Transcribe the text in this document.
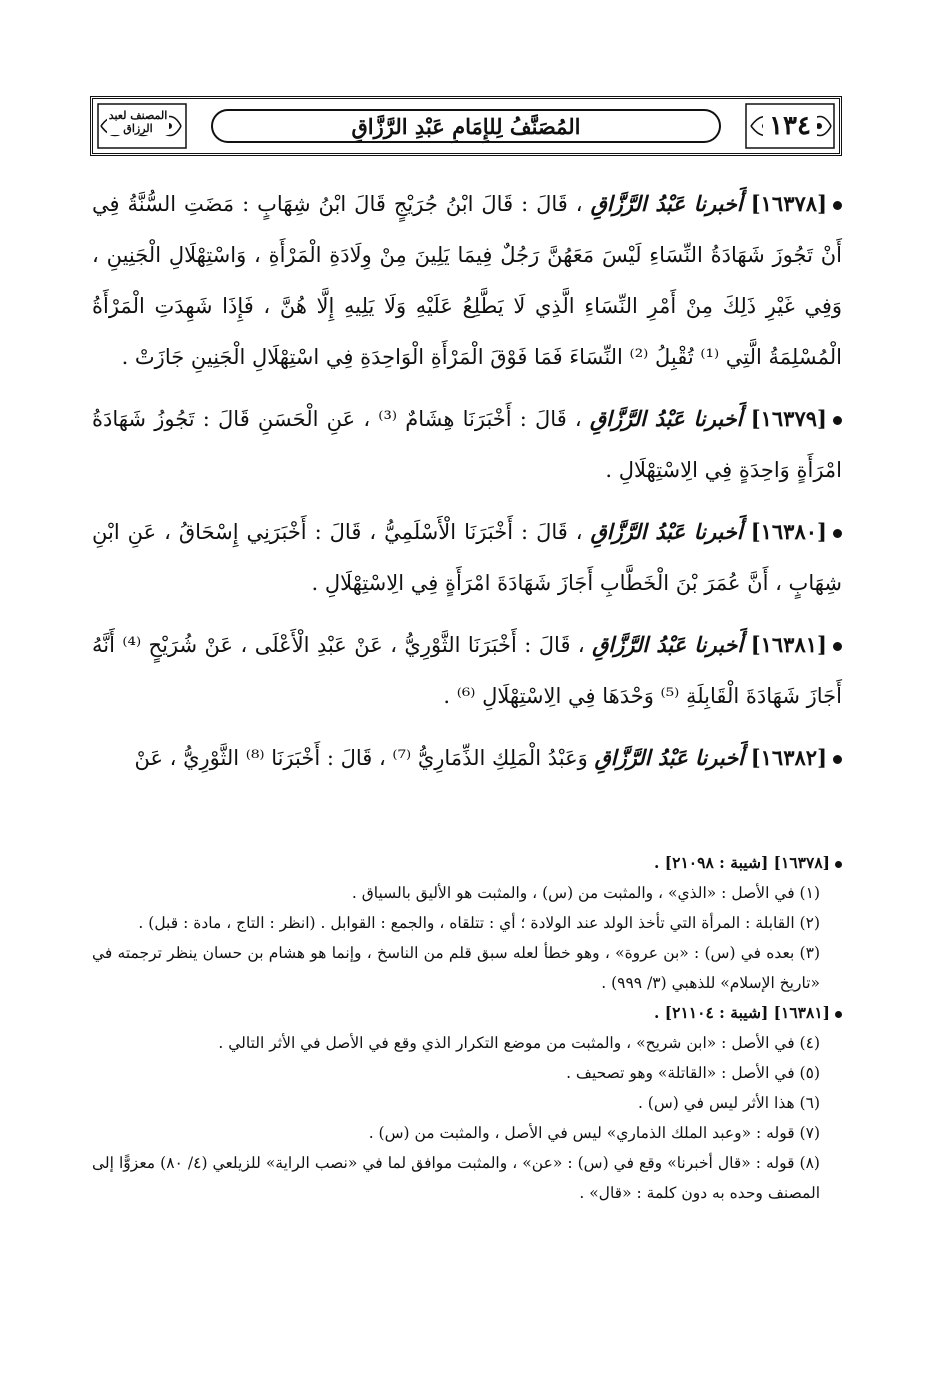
١٣٤
المُصَنَّفُ لِلإِمَامِ عَبْدِ الرَّزَّاقِ
المصنف لعبد الرزاق

[١٦٣٧٨] أَخبرنا عَبْدُ الرَّزَّاقِ ، قَالَ : قَالَ ابْنُ جُرَيْجٍ قَالَ ابْنُ شِهَابٍ : مَضَتِ السُّنَّةُ فِي أَنْ تَجُوزَ شَهَادَةُ النِّسَاءِ لَيْسَ مَعَهُنَّ رَجُلٌ فِيمَا يَلِينَ مِنْ وِلَادَةِ الْمَرْأَةِ ، وَاسْتِهْلَالِ الْجَنِينِ ، وَفِي غَيْرِ ذَلِكَ مِنْ أَمْرِ النِّسَاءِ الَّذِي لَا يَطَّلِعُ عَلَيْهِ وَلَا يَلِيهِ إِلَّا هُنَّ ، فَإِذَا شَهِدَتِ الْمَرْأَةُ الْمُسْلِمَةُ الَّتِي ⁽¹⁾ تُقْبِلُ ⁽²⁾ النِّسَاءَ فَمَا فَوْقَ الْمَرْأَةِ الْوَاحِدَةِ فِي اسْتِهْلَالِ الْجَنِينِ جَازَتْ .

[١٦٣٧٩] أَخبرنا عَبْدُ الرَّزَّاقِ ، قَالَ : أَخْبَرَنَا هِشَامٌ ⁽³⁾ ، عَنِ الْحَسَنِ قَالَ : تَجُوزُ شَهَادَةُ امْرَأَةٍ وَاحِدَةٍ فِي الِاسْتِهْلَالِ .

[١٦٣٨٠] أَخبرنا عَبْدُ الرَّزَّاقِ ، قَالَ : أَخْبَرَنَا الْأَسْلَمِيُّ ، قَالَ : أَخْبَرَنِي إِسْحَاقُ ، عَنِ ابْنِ شِهَابٍ ، أَنَّ عُمَرَ بْنَ الْخَطَّابِ أَجَازَ شَهَادَةَ امْرَأَةٍ فِي الِاسْتِهْلَالِ .

[١٦٣٨١] أَخبرنا عَبْدُ الرَّزَّاقِ ، قَالَ : أَخْبَرَنَا الثَّوْرِيُّ ، عَنْ عَبْدِ الْأَعْلَى ، عَنْ شُرَيْحٍ ⁽⁴⁾ أَنَّهُ أَجَازَ شَهَادَةَ الْقَابِلَةِ ⁽⁵⁾ وَحْدَهَا فِي الِاسْتِهْلَالِ ⁽⁶⁾ .

[١٦٣٨٢] أَخبرنا عَبْدُ الرَّزَّاقِ وَعَبْدُ الْمَلِكِ الذِّمَارِيُّ ⁽⁷⁾ ، قَالَ : أَخْبَرَنَا ⁽⁸⁾ الثَّوْرِيُّ ، عَنْ

[١٦٣٧٨] [شيبة : ٢١٠٩٨] .

(١) في الأصل : «الذي» ، والمثبت من (س) ، والمثبت هو الأليق بالسياق .

(٢) القابلة : المرأة التي تأخذ الولد عند الولادة ؛ أي : تتلقاه ، والجمع : القوابل . (انظر : التاج ، مادة : قبل) .

(٣) بعده في (س) : «بن عروة» ، وهو خطأ لعله سبق قلم من الناسخ ، وإنما هو هشام بن حسان ينظر ترجمته في «تاريخ الإسلام» للذهبي (٣/ ٩٩٩) .

[١٦٣٨١] [شيبة : ٢١١٠٤] .

(٤) في الأصل : «ابن شريح» ، والمثبت من موضع التكرار الذي وقع في الأصل في الأثر التالي .

(٥) في الأصل : «القاتلة» وهو تصحيف .

(٦) هذا الأثر ليس في (س) .

(٧) قوله : «وعبد الملك الذماري» ليس في الأصل ، والمثبت من (س) .

(٨) قوله : «قال أخبرنا» وقع في (س) : «عن» ، والمثبت موافق لما في «نصب الراية» للزيلعي (٤/ ٨٠) معزوًّا إلى المصنف وحده به دون كلمة : «قال» .
